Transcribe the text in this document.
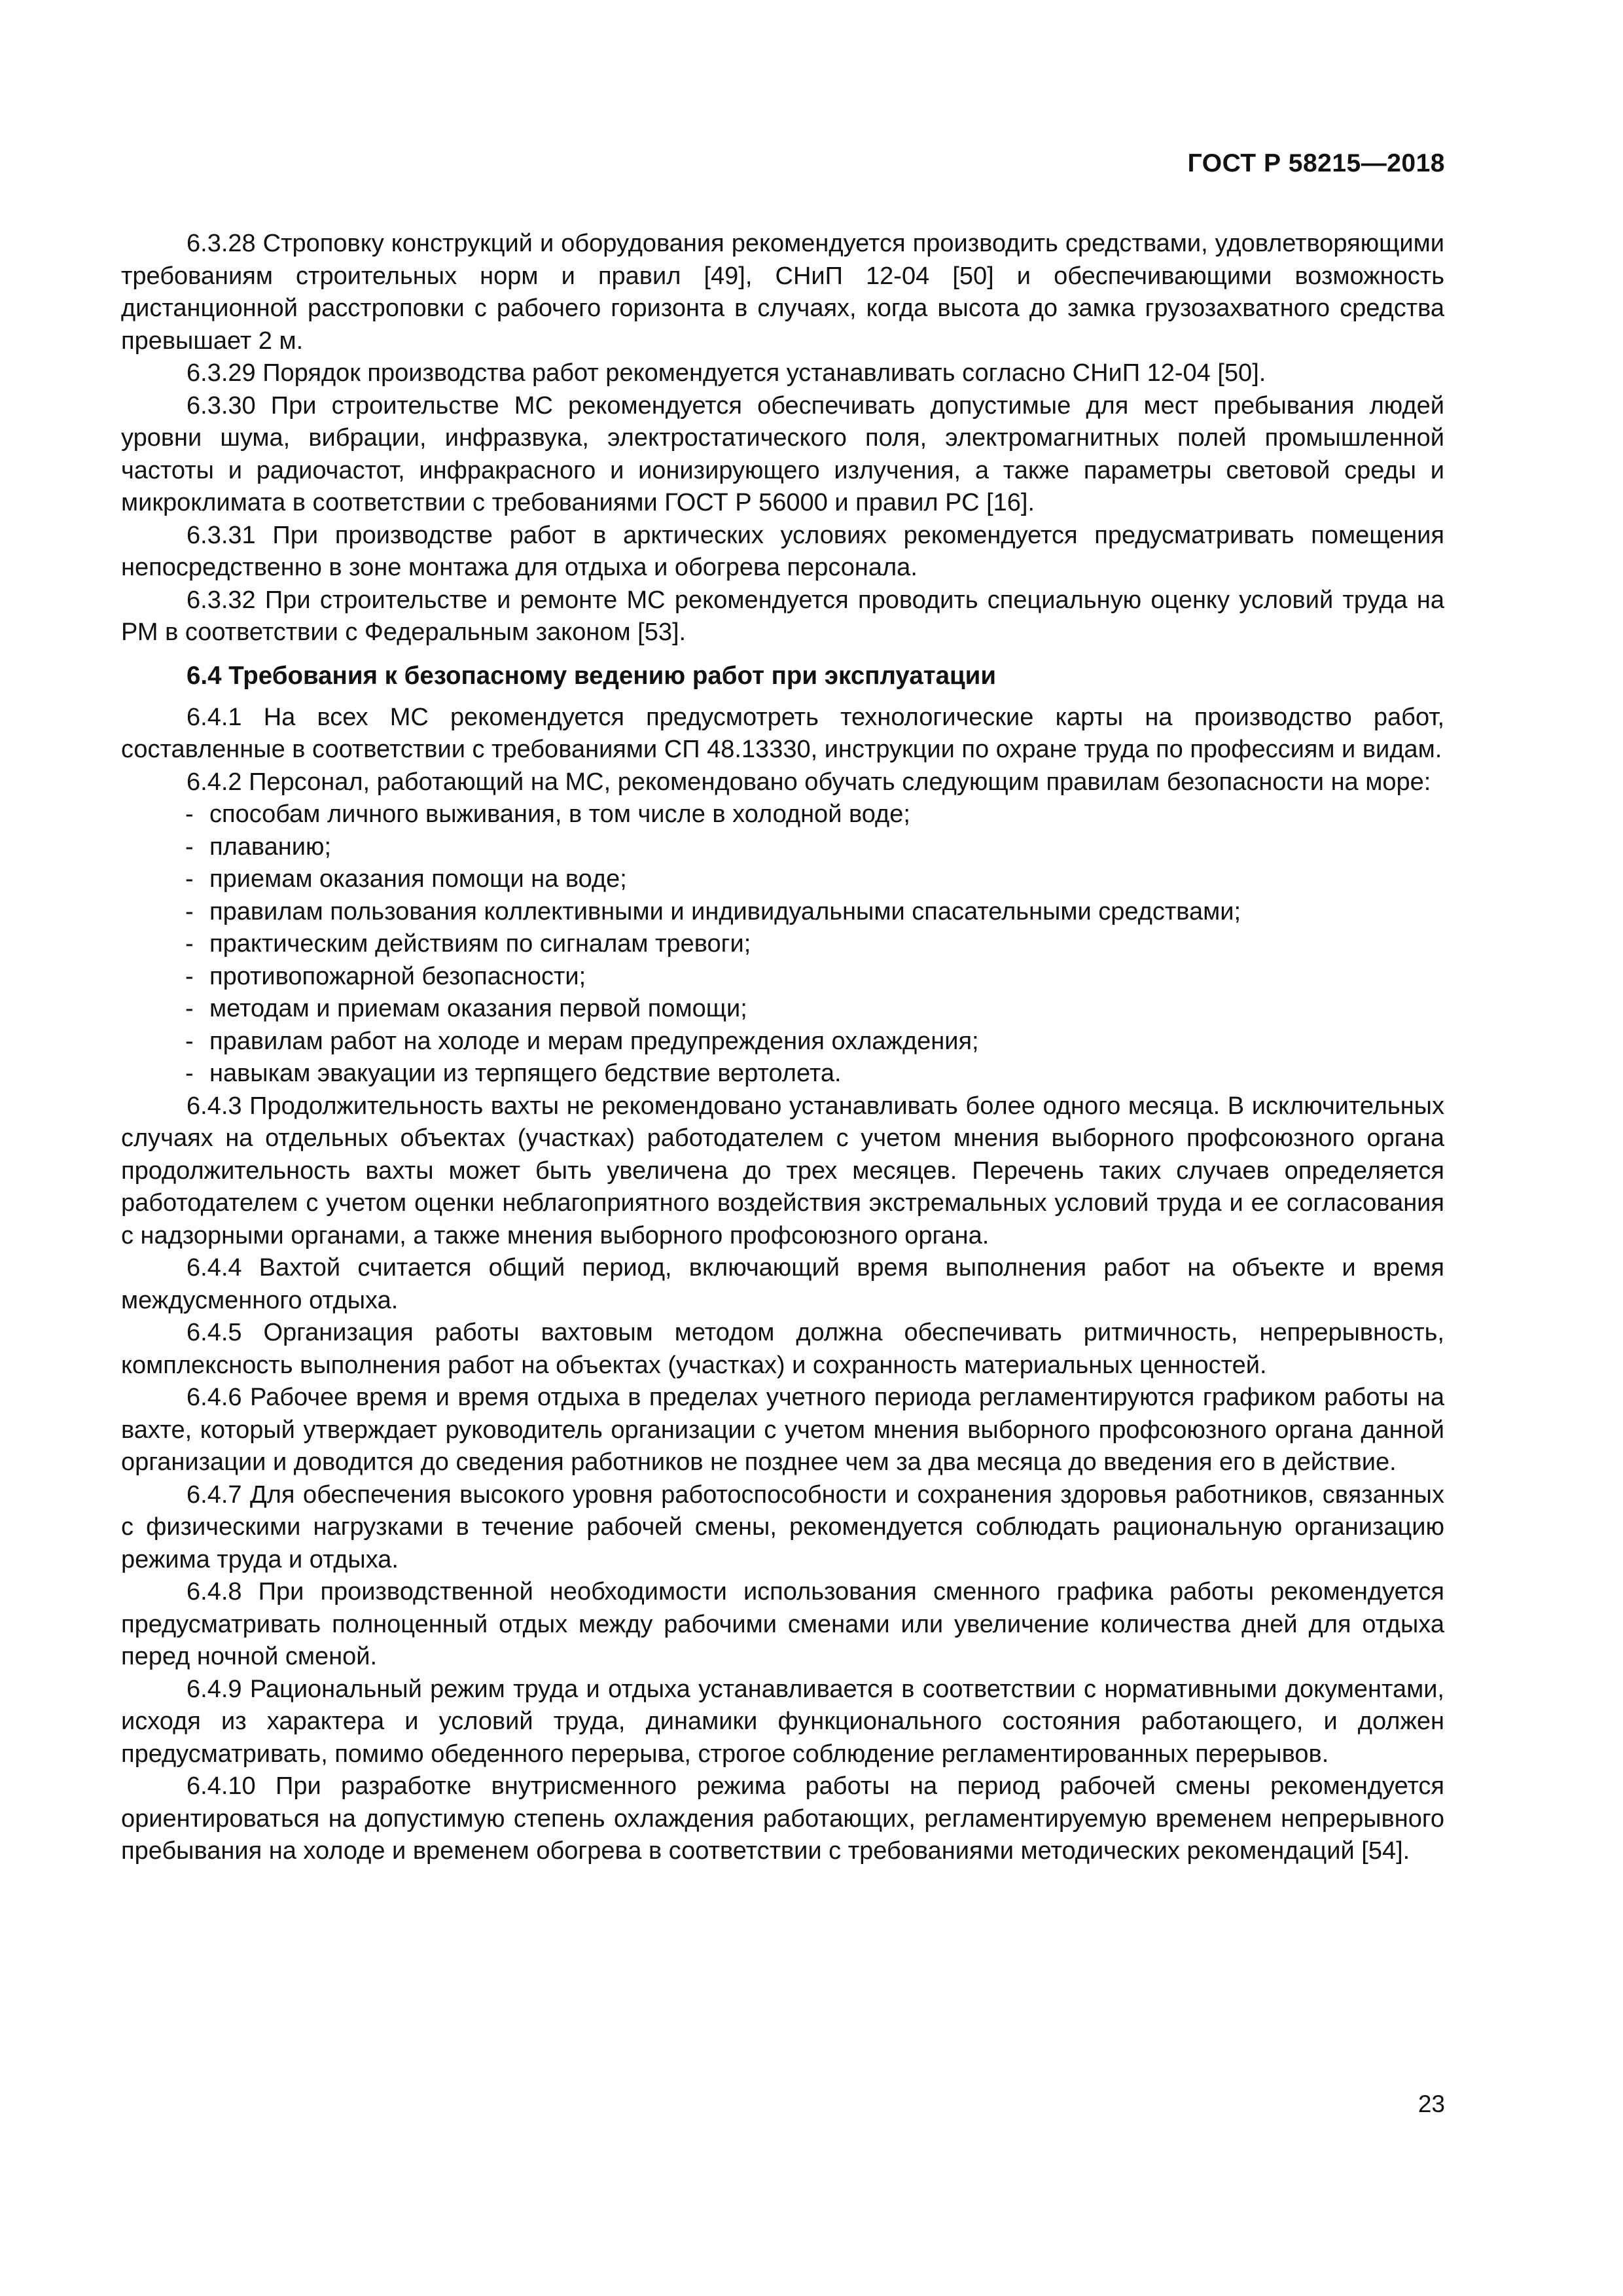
ГОСТ Р 58215—2018

6.3.28 Строповку конструкций и оборудования рекомендуется производить средствами, удовлетворяющими требованиям строительных норм и правил [49], СНиП 12-04 [50] и обеспечивающими возможность дистанционной расстроповки с рабочего горизонта в случаях, когда высота до замка грузозахватного средства превышает 2 м.

6.3.29 Порядок производства работ рекомендуется устанавливать согласно СНиП 12-04 [50].

6.3.30 При строительстве МС рекомендуется обеспечивать допустимые для мест пребывания людей уровни шума, вибрации, инфразвука, электростатического поля, электромагнитных полей промышленной частоты и радиочастот, инфракрасного и ионизирующего излучения, а также параметры световой среды и микроклимата в соответствии с требованиями ГОСТ Р 56000 и правил РС [16].

6.3.31 При производстве работ в арктических условиях рекомендуется предусматривать помещения непосредственно в зоне монтажа для отдыха и обогрева персонала.

6.3.32 При строительстве и ремонте МС рекомендуется проводить специальную оценку условий труда на РМ в соответствии с Федеральным законом [53].

6.4 Требования к безопасному ведению работ при эксплуатации

6.4.1 На всех МС рекомендуется предусмотреть технологические карты на производство работ, составленные в соответствии с требованиями СП 48.13330, инструкции по охране труда по профессиям и видам.

6.4.2 Персонал, работающий на МС, рекомендовано обучать следующим правилам безопасности на море:

- способам личного выживания, в том числе в холодной воде;
- плаванию;
- приемам оказания помощи на воде;
- правилам пользования коллективными и индивидуальными спасательными средствами;
- практическим действиям по сигналам тревоги;
- противопожарной безопасности;
- методам и приемам оказания первой помощи;
- правилам работ на холоде и мерам предупреждения охлаждения;
- навыкам эвакуации из терпящего бедствие вертолета.

6.4.3 Продолжительность вахты не рекомендовано устанавливать более одного месяца. В исключительных случаях на отдельных объектах (участках) работодателем с учетом мнения выборного профсоюзного органа продолжительность вахты может быть увеличена до трех месяцев. Перечень таких случаев определяется работодателем с учетом оценки неблагоприятного воздействия экстремальных условий труда и ее согласования с надзорными органами, а также мнения выборного профсоюзного органа.

6.4.4 Вахтой считается общий период, включающий время выполнения работ на объекте и время междусменного отдыха.

6.4.5 Организация работы вахтовым методом должна обеспечивать ритмичность, непрерывность, комплексность выполнения работ на объектах (участках) и сохранность материальных ценностей.

6.4.6 Рабочее время и время отдыха в пределах учетного периода регламентируются графиком работы на вахте, который утверждает руководитель организации с учетом мнения выборного профсоюзного органа данной организации и доводится до сведения работников не позднее чем за два месяца до введения его в действие.

6.4.7 Для обеспечения высокого уровня работоспособности и сохранения здоровья работников, связанных с физическими нагрузками в течение рабочей смены, рекомендуется соблюдать рациональную организацию режима труда и отдыха.

6.4.8 При производственной необходимости использования сменного графика работы рекомендуется предусматривать полноценный отдых между рабочими сменами или увеличение количества дней для отдыха перед ночной сменой.

6.4.9 Рациональный режим труда и отдыха устанавливается в соответствии с нормативными документами, исходя из характера и условий труда, динамики функционального состояния работающего, и должен предусматривать, помимо обеденного перерыва, строгое соблюдение регламентированных перерывов.

6.4.10 При разработке внутрисменного режима работы на период рабочей смены рекомендуется ориентироваться на допустимую степень охлаждения работающих, регламентируемую временем непрерывного пребывания на холоде и временем обогрева в соответствии с требованиями методических рекомендаций [54].

23
